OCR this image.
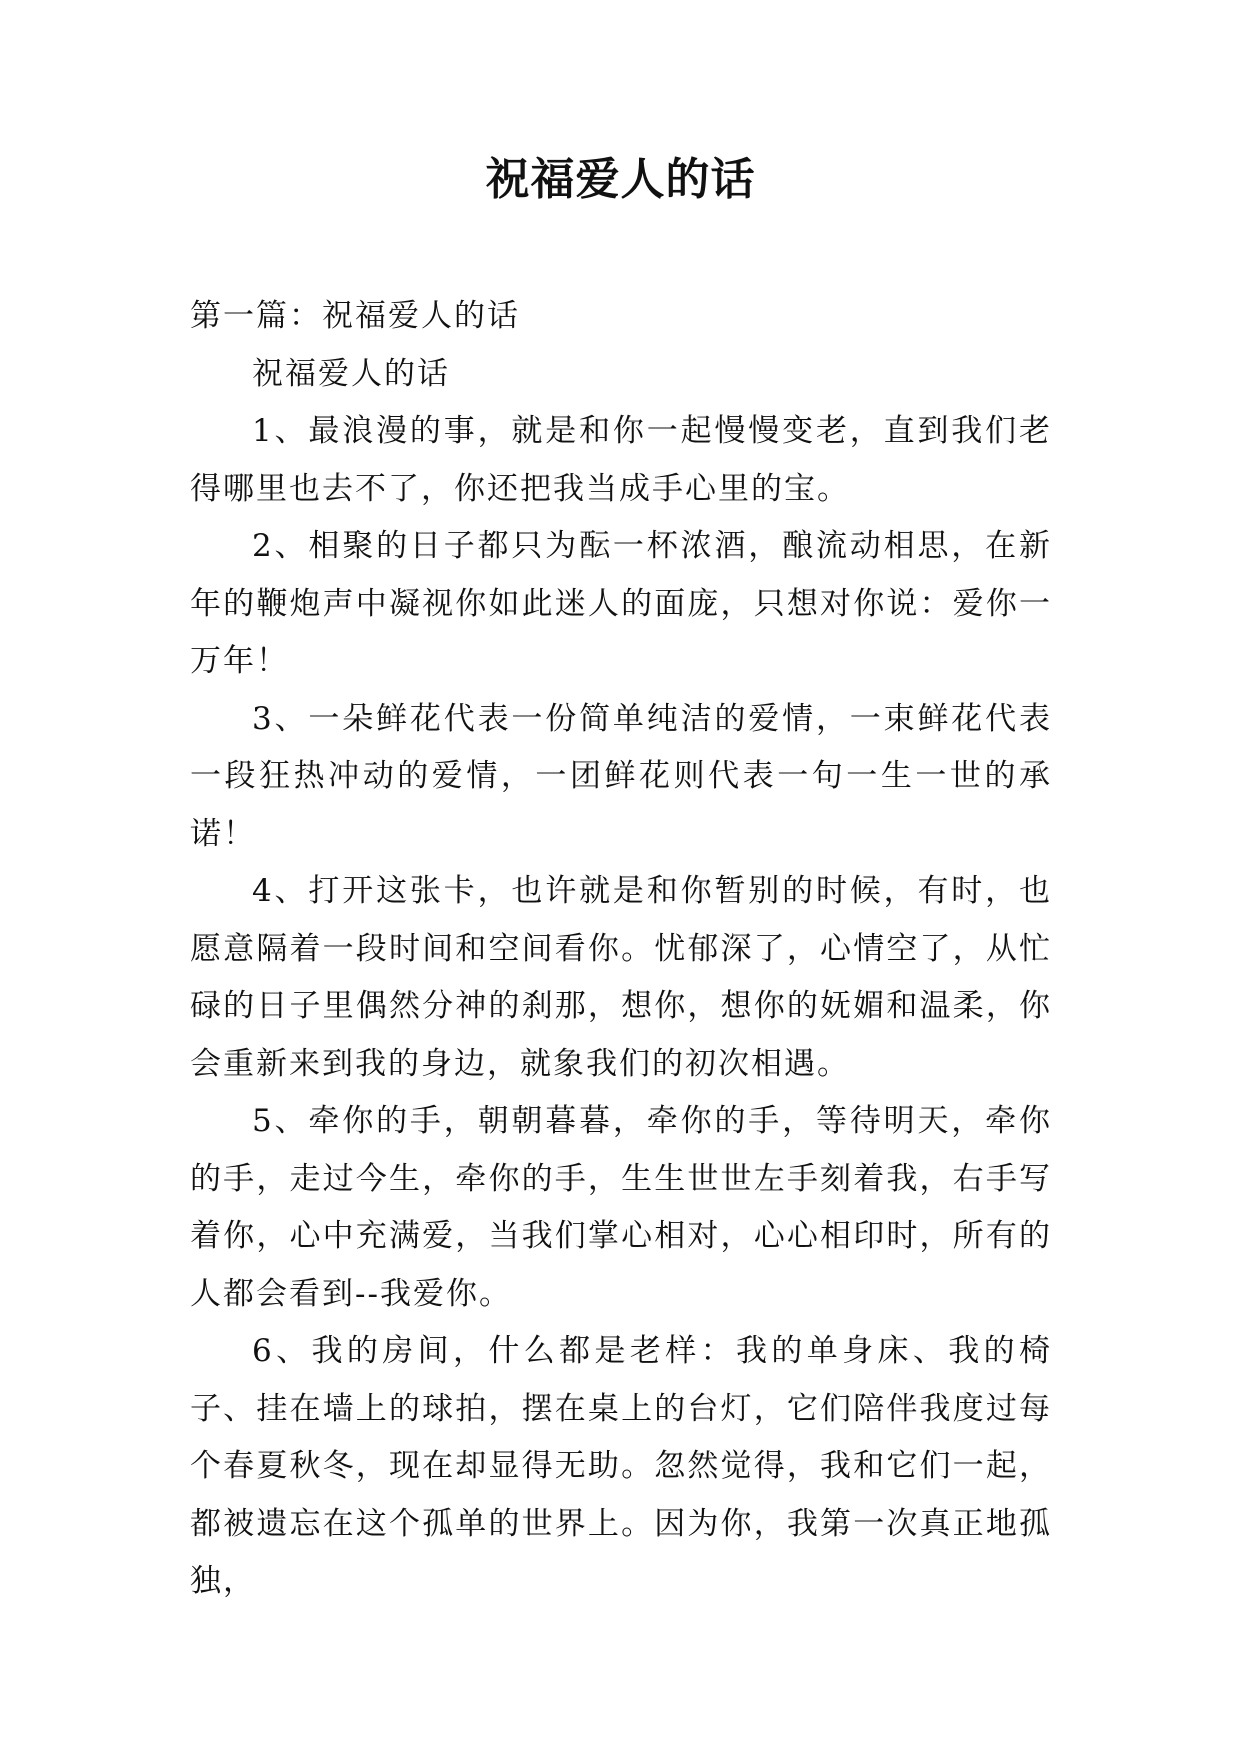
祝福爱人的话

第一篇：祝福爱人的话

祝福爱人的话

1、最浪漫的事，就是和你一起慢慢变老，直到我们老得哪里也去不了，你还把我当成手心里的宝。

2、相聚的日子都只为酝一杯浓酒，酿流动相思，在新年的鞭炮声中凝视你如此迷人的面庞，只想对你说：爱你一万年！

3、一朵鲜花代表一份简单纯洁的爱情，一束鲜花代表一段狂热冲动的爱情，一团鲜花则代表一句一生一世的承诺！

4、打开这张卡，也许就是和你暂别的时候，有时，也愿意隔着一段时间和空间看你。忧郁深了，心情空了，从忙碌的日子里偶然分神的刹那，想你，想你的妩媚和温柔，你会重新来到我的身边，就象我们的初次相遇。

5、牵你的手，朝朝暮暮，牵你的手，等待明天，牵你的手，走过今生，牵你的手，生生世世左手刻着我，右手写着你，心中充满爱，当我们掌心相对，心心相印时，所有的人都会看到--我爱你。

6、我的房间，什么都是老样：我的单身床、我的椅子、挂在墙上的球拍，摆在桌上的台灯，它们陪伴我度过每个春夏秋冬，现在却显得无助。忽然觉得，我和它们一起，都被遗忘在这个孤单的世界上。因为你，我第一次真正地孤独，
